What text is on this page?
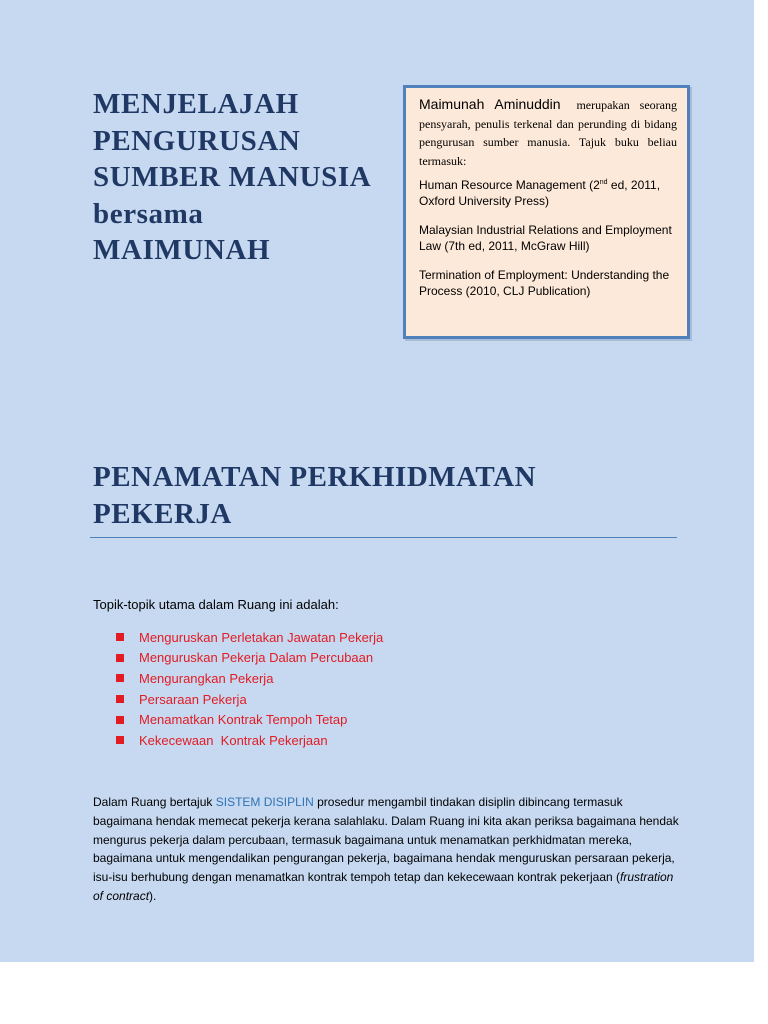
MENJELAJAH
PENGURUSAN
SUMBER MANUSIA
bersama
MAIMUNAH
Maimunah Aminuddin merupakan seorang pensyarah, penulis terkenal dan perunding di bidang pengurusan sumber manusia. Tajuk buku beliau termasuk:
Human Resource Management (2nd ed, 2011, Oxford University Press)
Malaysian Industrial Relations and Employment Law (7th ed, 2011, McGraw Hill)
Termination of Employment: Understanding the Process (2010, CLJ Publication)
PENAMATAN PERKHIDMATAN
PEKERJA
Topik-topik utama dalam Ruang ini adalah:
Menguruskan Perletakan Jawatan Pekerja
Menguruskan Pekerja Dalam Percubaan
Mengurangkan Pekerja
Persaraan Pekerja
Menamatkan Kontrak Tempoh Tetap
Kekecewaan  Kontrak Pekerjaan
Dalam Ruang bertajuk SISTEM DISIPLIN prosedur mengambil tindakan disiplin dibincang termasuk bagaimana hendak memecat pekerja kerana salahlaku. Dalam Ruang ini kita akan periksa bagaimana hendak mengurus pekerja dalam percubaan, termasuk bagaimana untuk menamatkan perkhidmatan mereka, bagaimana untuk mengendalikan pengurangan pekerja, bagaimana hendak menguruskan persaraan pekerja, isu-isu berhubung dengan menamatkan kontrak tempoh tetap dan kekecewaan kontrak pekerjaan (frustration of contract).
